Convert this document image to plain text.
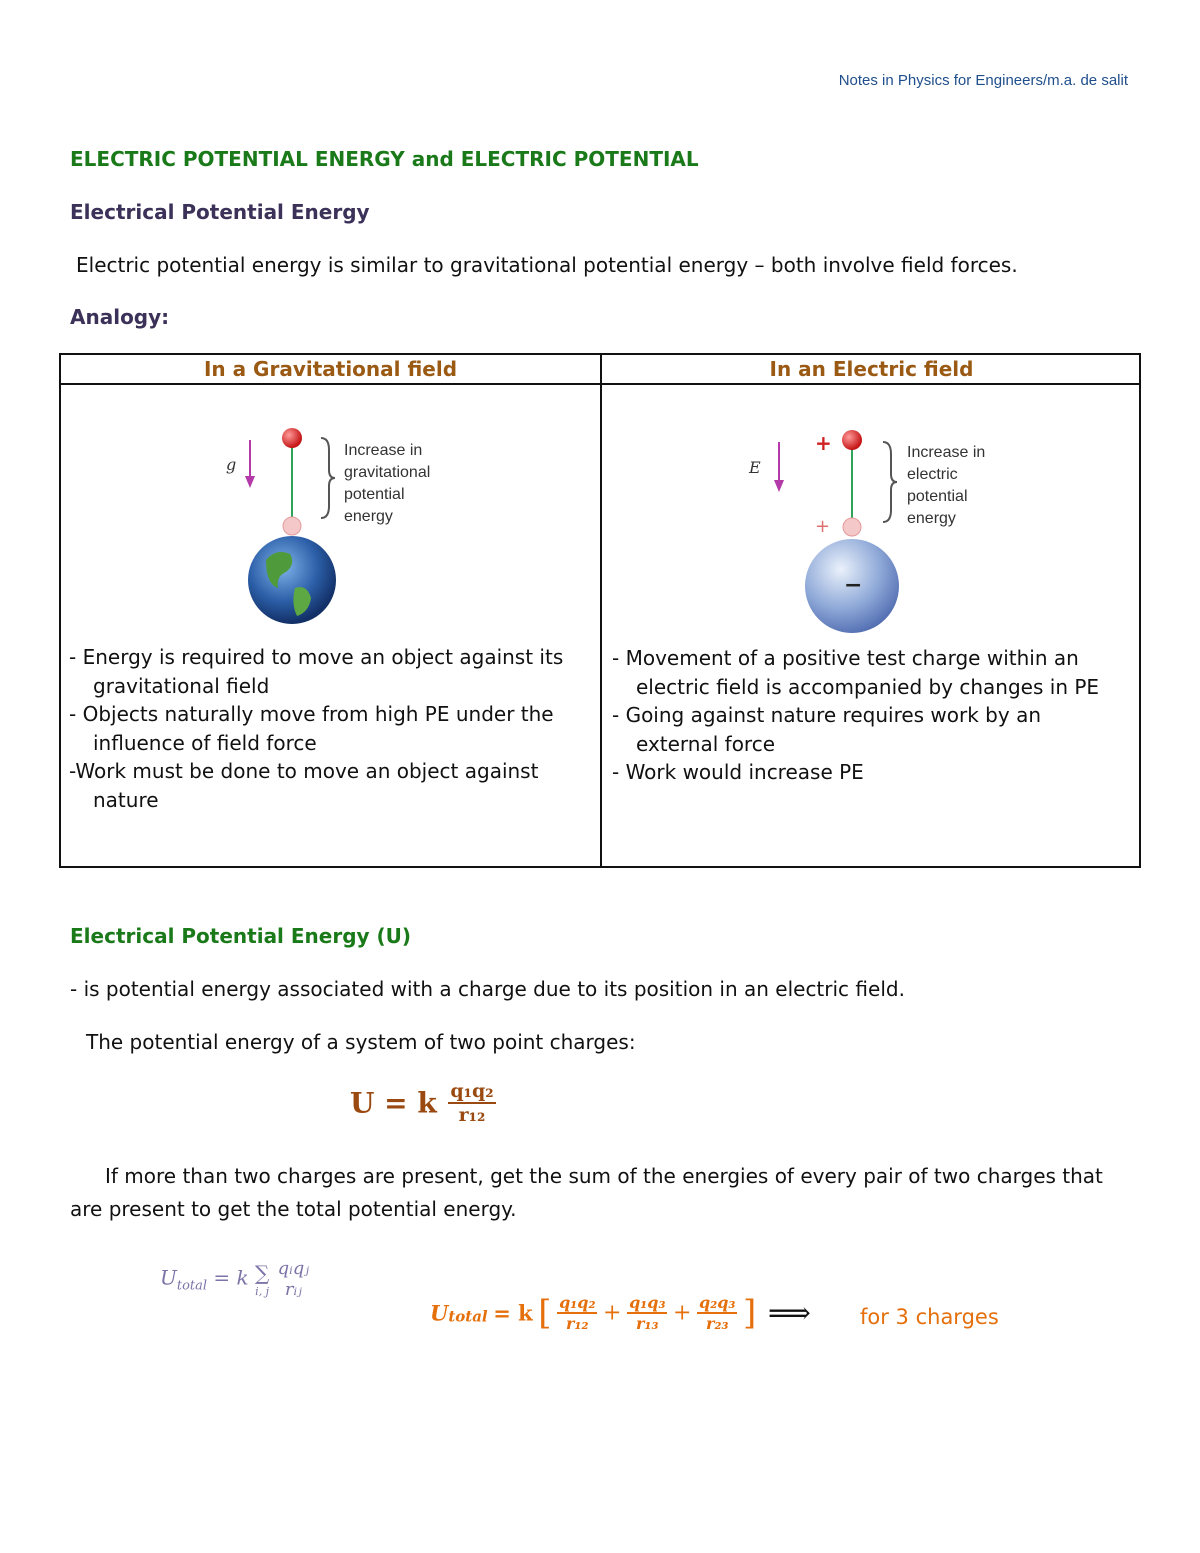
Notes in Physics for Engineers/m.a. de salit
ELECTRIC POTENTIAL ENERGY and ELECTRIC POTENTIAL
Electrical Potential Energy
Electric potential energy is similar to gravitational potential energy – both involve field forces.
Analogy:
In a Gravitational field	In an Electric field
g
Increase in
gravitational
potential
energy
E
+
+
−
Increase in
electric
potential
energy
- Energy is required to move an object against its
gravitational field
- Objects naturally move from high PE under the
influence of field force
-Work must be done to move an object against
nature
- Movement of a positive test charge within an
electric field is accompanied by changes in PE
- Going against nature requires work by an
external force
- Work would increase PE
Electrical Potential Energy (U)
- is potential energy associated with a charge due to its position in an electric field.
The potential energy of a system of two point charges:
U = k $\frac{\text{q₁q₂}}{\text{r₁₂}}$
If more than two charges are present, get the sum of the energies of every pair of two charges that are present to get the total potential energy.
$U_{total} = k$ ∑
i, j

qᵢqⱼ
rᵢⱼ
$U_{total} = k$ [ $\frac{\text{q₁q₂}}{\text{r₁₂}} + \frac{\text{q₁q₃}}{\text{r₁₃}} + \frac{\text{q₂q₃}}{\text{r₂₃}}$ ] ⟹ for 3 charges
